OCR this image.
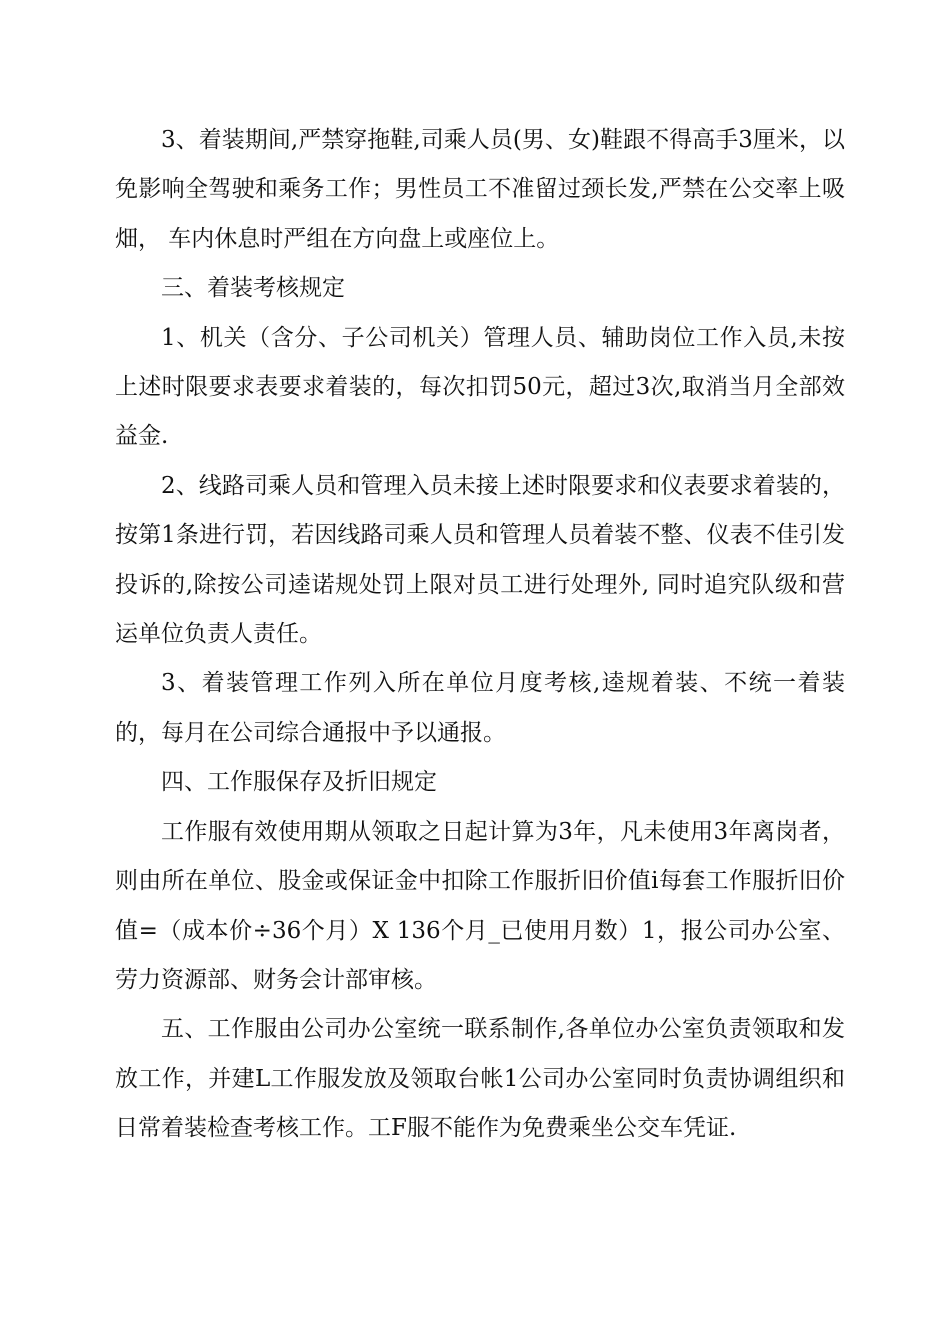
3、着装期间,严禁穿拖鞋,司乘人员(男、女)鞋跟不得高手3厘米，以免影响全驾驶和乘务工作；男性员工不准留过颈长发,严禁在公交率上吸畑， 车内休息时严组在方向盘上或座位上。

三、着装考核规定

1、机关（含分、子公司机关）管理人员、辅助岗位工作入员,未按上述时限要求表要求着装的，每次扣罚50元，超过3次,取消当月全部效益金.

2、线路司乘人员和管理入员未接上述时限要求和仪表要求着装的，按第1条进行罚，若因线路司乘人员和管理人员着装不整、仪表不佳引发投诉的,除按公司逵诺规处罚上限对员工进行处理外, 同时追究队级和营运单位负责人责任。

3、着装管理工作列入所在单位月度考核,逵规着装、不统一着装的，每月在公司综合通报中予以通报。

四、工作服保存及折旧规定

工作服有效使用期从领取之日起计算为3年，凡未使用3年离岗者，则由所在单位、股金或保证金中扣除工作服折旧价值i每套工作服折旧价值=（成本价÷36个月）X 136个月_已使用月数）1，报公司办公室、劳力资源部、财务会计部审核。

五、工作服由公司办公室统一联系制作,各单位办公室负责领取和发放工作，并建L工作服发放及领取台帐1公司办公室同时负责协调组织和日常着装检查考核工作。工F服不能作为免费乘坐公交车凭证.
